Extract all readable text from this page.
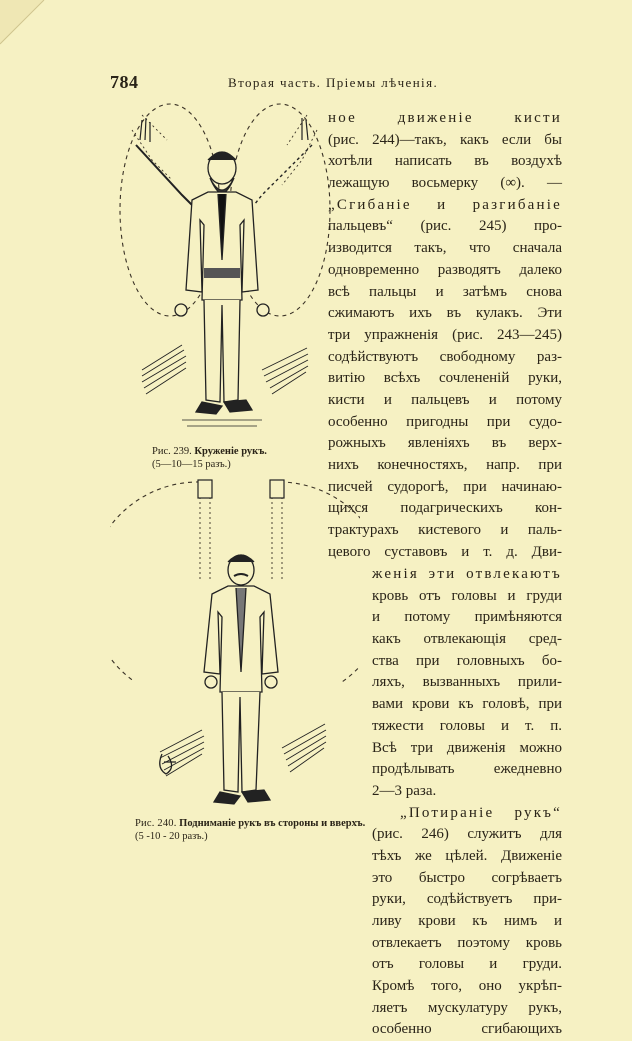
784	Вторая часть. Пріемы лѣченія.
Рис. 239. Круженіе рукъ.
(5—10—15 разъ.)
Рис. 240. Подниманіе рукъ въ стороны и вверхъ.
(5 -10 - 20 разъ.)
ное движеніе кисти
(рис. 244)—такъ, какъ если бы
хотѣли написать въ воздухѣ
лежащую восьмерку (∞). —
„Сгибаніе и разгибаніе
пальцевъ“ (рис. 245) про-
изводится такъ, что сначала
одновременно разводятъ далеко
всѣ пальцы и затѣмъ снова
сжимаютъ ихъ въ кулакъ. Эти
три упражненія (рис. 243—245)
содѣйствуютъ свободному раз-
витію всѣхъ сочлененій руки,
кисти и пальцевъ и потому
особенно пригодны при судо-
рожныхъ явленіяхъ въ верх-
нихъ конечностяхъ, напр. при
писчей судорогѣ, при начинаю-
щихся подагрическихъ кон-
трактурахъ кистевого и паль-
цевого суставовъ и т. д. Дви-
женія эти отвлекаютъ
кровь отъ головы и груди
и потому примѣняются
какъ отвлекающія сред-
ства при головныхъ бо-
ляхъ, вызванныхъ прили-
вами крови къ головѣ, при
тяжести головы и т. п.
Всѣ три движенія можно
продѣлывать ежедневно
2—3 раза.
„Потираніе рукъ“
(рис. 246) служитъ для
тѣхъ же цѣлей. Движеніе
это быстро согрѣваетъ
руки, содѣйствуетъ при-
ливу крови къ нимъ и
отвлекаетъ поэтому кровь
отъ головы и груди.
Кромѣ того, оно укрѣп-
ляетъ мускулатуру рукъ,
особенно сгибающихъ
